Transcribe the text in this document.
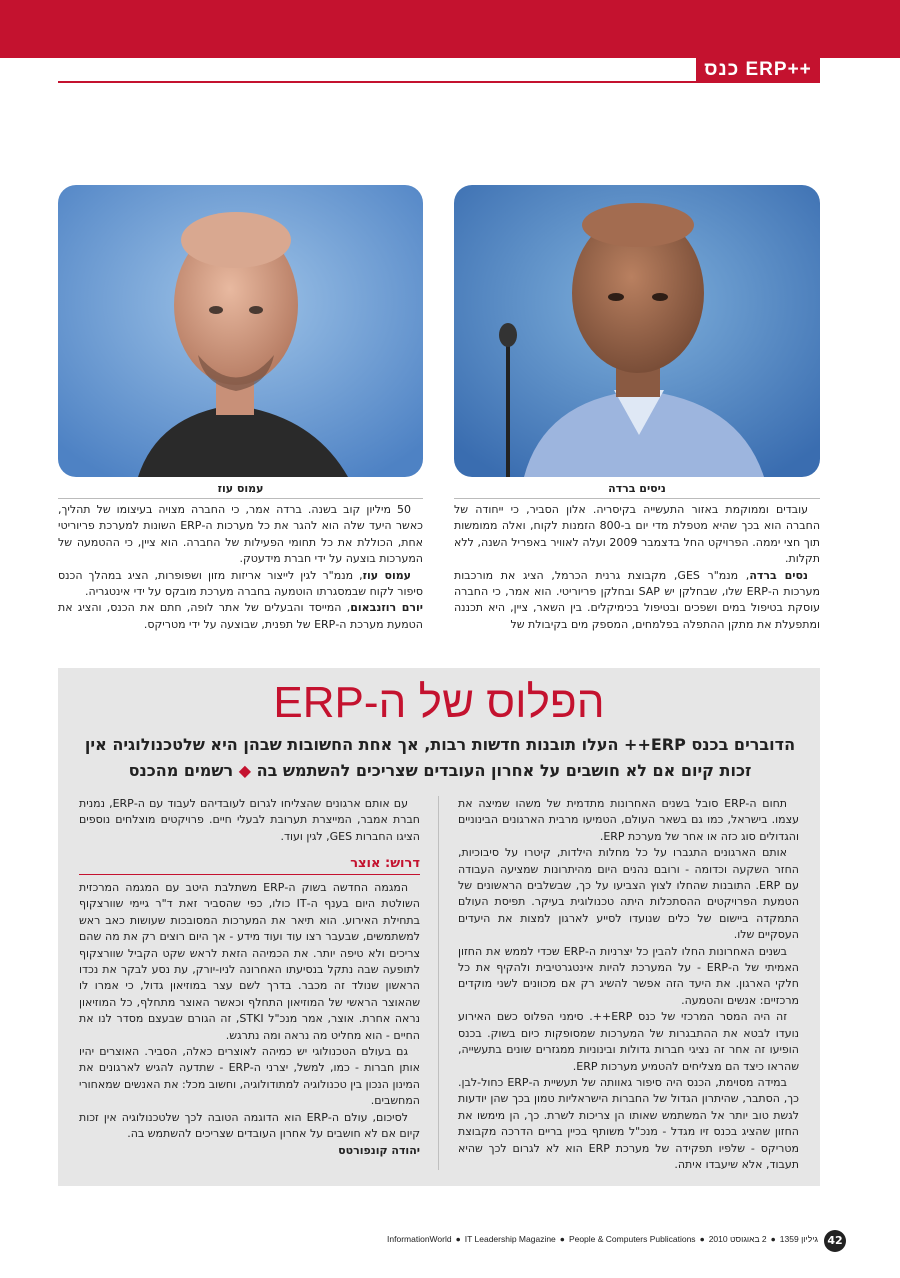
כנס ERP++
עמוס עוז	ניסים ברדה

עובדים וממוקמת באזור התעשייה בקיסריה. אלון הסביר, כי ייחודה של החברה הוא בכך שהיא מטפלת מדי יום ב-800 הזמנות לקוח, ואלה ממומשות תוך חצי יממה. הפרויקט החל בדצמבר 2009 ועלה לאוויר באפריל השנה, ללא תקלות.

נסים ברדה, מנמ"ר GES, מקבוצת גרנית הכרמל, הציג את מורכבות מערכות ה-ERP שלו, שבחלקן יש SAP ובחלקן פריוריטי. הוא אמר, כי החברה עוסקת בטיפול במים ושפכים ובטיפול בכימיקלים. בין השאר, ציין, היא תכננה ומתפעלת את מתקן ההתפלה בפלמחים, המספק מים בקיבולת של

50 מיליון קוב בשנה. ברדה אמר, כי החברה מצויה בעיצומו של תהליך, כאשר היעד שלה הוא להגר את כל מערכות ה-ERP השונות למערכת פריוריטי אחת, הכוללת את כל תחומי הפעילות של החברה. הוא ציין, כי ההטמעה של המערכות בוצעה על ידי חברת מידעטק.

עמוס עוז, מנמ"ר לגין לייצור אריזות מזון ושפופרות, הציג במהלך הכנס סיפור לקוח שבמסגרתו הוטמעה בחברה מערכת מובקס על ידי אינטגריה.

יורם רוזנבאום, המייסד והבעלים של אתר לופה, חתם את הכנס, והציג את הטמעת מערכת ה-ERP של תפנית, שבוצעה על ידי מטריקס.

הפלוס של ה-ERP
הדוברים בכנס ERP++ העלו תובנות חדשות רבות, אך אחת החשובות שבהן היא שלטכנולוגיה אין זכות קיום אם לא חושבים על אחרון העובדים שצריכים להשתמש בה ◆ רשמים מהכנס

תחום ה-ERP סובל בשנים האחרונות מתדמית של משהו שמיצה את עצמו. בישראל, כמו גם בשאר העולם, הטמיעו מרבית הארגונים הבינוניים והגדולים סוג כזה או אחר של מערכת ERP.

אותם הארגונים התגברו על כל מחלות הילדות, קיטרו על סיבוכיות, החזר השקעה וכדומה - ורובם נהנים היום מהיתרונות שמציעה העבודה עם ERP. התובנות שהחלו לצוץ הצביעו על כך, שבשלבים הראשונים של הטמעת הפרויקטים ההסתכלות היתה טכנולוגית בעיקר. תפיסת העולם התמקדה ביישום של כלים שנועדו לסייע לארגון למצות את היעדים העסקיים שלו.

בשנים האחרונות החלו להבין כל יצרניות ה-ERP שכדי לממש את החזון האמיתי של ה-ERP - על המערכת להיות אינטגרטיבית ולהקיף את כל חלקי הארגון. את היעד הזה אפשר להשיג רק אם מכוונים לשני מוקדים מרכזיים: אנשים והטמעה.

זה היה המסר המרכזי של כנס ERP++. סימני הפלוס כשם האירוע נועדו לבטא את ההתבגרות של המערכות שמסופקות כיום בשוק. בכנס הופיעו זה אחר זה נציגי חברות גדולות ובינוניות ממגזרים שונים בתעשייה, שהראו כיצד הם מצליחים להטמיע מערכות ERP.

במידה מסוימת, הכנס היה סיפור גאוותה של תעשיית ה-ERP כחול-לבן. כך, הסתבר, שהיתרון הגדול של החברות הישראליות טמון בכך שהן יודעות לגשת טוב יותר אל המשתמש שאותו הן צריכות לשרת. כך, הן מימשו את החזון שהציג בכנס זיו מגדל - מנכ"ל משותף בכיין בריים הדרכה מקבוצת מטריקס - שלפיו תפקידה של מערכת ERP הוא לא לגרום לכך שהיא תעבוד, אלא שיעבדו איתה.

עם אותם ארגונים שהצליחו לגרום לעובדיהם לעבוד עם ה-ERP, נמנית חברת אמבר, המייצרת תערובת לבעלי חיים. פרויקטים מוצלחים נוספים הציגו החברות GES, לגין ועוד.

דרוש: אוצר

המגמה החדשה בשוק ה-ERP משתלבת היטב עם המגמה המרכזית השולטת היום בענף ה-IT כולו, כפי שהסביר זאת ד"ר גיימי שוורצקוף בתחילת האירוע. הוא תיאר את המערכות המסובכות שעושות כאב ראש למשתמשים, שבעבר רצו עוד ועוד מידע - אך היום רוצים רק את מה שהם צריכים ולא טיפה יותר. את הכמיהה הזאת לראש שקט הקביל שוורצקוף לתופעה שבה נתקל בנסיעתו האחרונה לניו-יורק, עת נסע לבקר את נכדו הראשון שנולד זה מכבר. בדרך לשם עצר במוזיאון גדול, כי אמרו לו שהאוצר הראשי של המוזיאון התחלף וכאשר האוצר מתחלף, כל המוזיאון נראה אחרת. אוצר, אמר מנכ"ל STKI, זה הגורם שבעצם מסדר לנו את החיים - הוא מחליט מה נראה ומה נתרגש.

גם בעולם הטכנולוגי יש כמיהה לאוצרים כאלה, הסביר. האוצרים יהיו אותן חברות - כמו, למשל, יצרני ה-ERP - שתדעה להגיש לארגונים את המינון הנכון בין טכנולוגיה למתודולוגיה, וחשוב מכל: את האנשים שמאחורי המחשבים.

לסיכום, עולם ה-ERP הוא הדוגמה הטובה לכך שלטכנולוגיה אין זכות קיום אם לא חושבים על אחרון העובדים שצריכים להשתמש בה.

יהודה קונפורטס

42
גיליון 1359●2 באוגוסט 2010●People & Computers Publications●IT Leadership Magazine●InformationWorld
